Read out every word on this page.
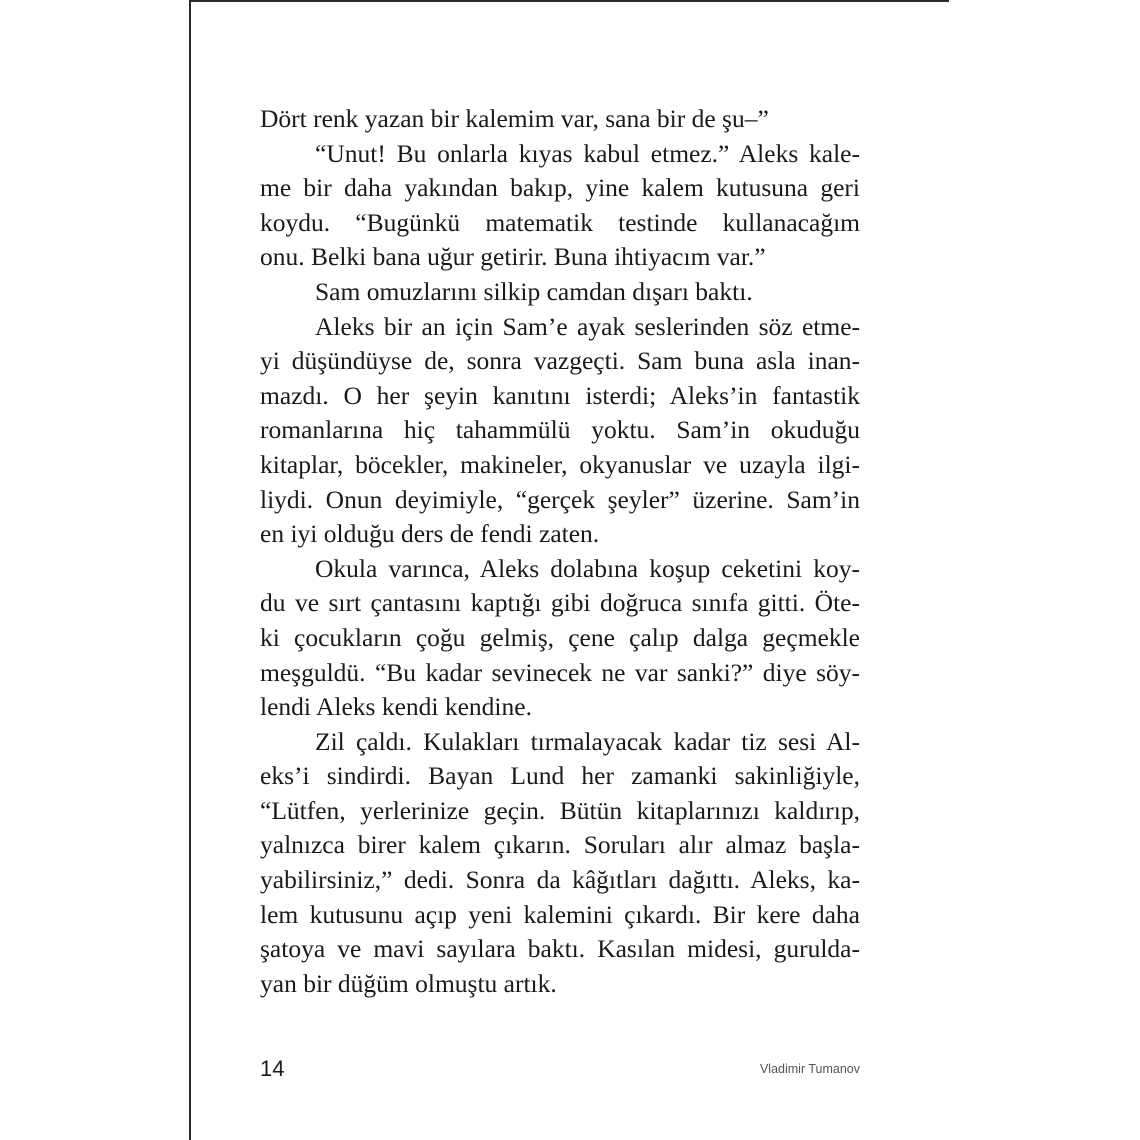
Dört renk yazan bir kalemim var, sana bir de şu–”
“Unut! Bu onlarla kıyas kabul etmez.” Aleks kale-
me bir daha yakından bakıp, yine kalem kutusuna geri
koydu. “Bugünkü matematik testinde kullanacağım
onu. Belki bana uğur getirir. Buna ihtiyacım var.”
Sam omuzlarını silkip camdan dışarı baktı.
Aleks bir an için Sam’e ayak seslerinden söz etme-
yi düşündüyse de, sonra vazgeçti. Sam buna asla inan-
mazdı. O her şeyin kanıtını isterdi; Aleks’in fantastik
romanlarına hiç tahammülü yoktu. Sam’in okuduğu
kitaplar, böcekler, makineler, okyanuslar ve uzayla ilgi-
liydi. Onun deyimiyle, “gerçek şeyler” üzerine. Sam’in
en iyi olduğu ders de fendi zaten.
Okula varınca, Aleks dolabına koşup ceketini koy-
du ve sırt çantasını kaptığı gibi doğruca sınıfa gitti. Öte-
ki çocukların çoğu gelmiş, çene çalıp dalga geçmekle
meşguldü. “Bu kadar sevinecek ne var sanki?” diye söy-
lendi Aleks kendi kendine.
Zil çaldı. Kulakları tırmalayacak kadar tiz sesi Al-
eks’i sindirdi. Bayan Lund her zamanki sakinliğiyle,
“Lütfen, yerlerinize geçin. Bütün kitaplarınızı kaldırıp,
yalnızca birer kalem çıkarın. Soruları alır almaz başla-
yabilirsiniz,” dedi. Sonra da kâğıtları dağıttı. Aleks, ka-
lem kutusunu açıp yeni kalemini çıkardı. Bir kere daha
şatoya ve mavi sayılara baktı. Kasılan midesi, gurulda-
yan bir düğüm olmuştu artık.
14	Vladimir Tumanov
